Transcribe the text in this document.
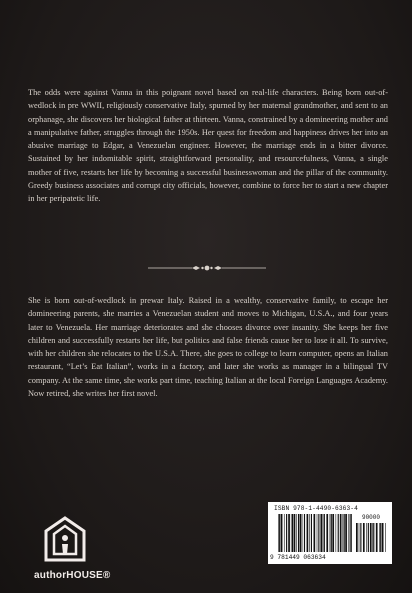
The odds were against Vanna in this poignant novel based on real-life characters. Being born out-of- wedlock in pre WWII, religiously conservative Italy, spurned by her maternal grandmother, and sent to an orphanage, she discovers her biological father at thirteen. Vanna, constrained by a domineering mother and a manipulative father, struggles through the 1950s. Her quest for freedom and happiness drives her into an abusive marriage to Edgar, a Venezuelan engineer. However, the marriage ends in a bitter divorce. Sustained by her indomitable spirit, straightforward personality, and resourcefulness, Vanna, a single mother of five, restarts her life by becoming a successful businesswoman and the pillar of the community. Greedy business associates and corrupt city officials, however, combine to force her to start a new chapter in her peripatetic life.

She is born out-of-wedlock in prewar Italy. Raised in a wealthy, conservative family, to escape her domineering parents, she marries a Venezuelan student and moves to Michigan, U.S.A., and four years later to Venezuela. Her marriage deteriorates and she chooses divorce over insanity. She keeps her five children and successfully restarts her life, but politics and false friends cause her to lose it all. To survive, with her children she relocates to the U.S.A. There, she goes to college to learn computer, opens an Italian restaurant, “Let’s Eat Italian”, works in a factory, and later she works as manager in a bilingual TV company. At the same time, she works part time, teaching Italian at the local Foreign Languages Academy. Now retired, she writes her first novel.

authorHOUSE®
ISBN 978-1-4490-6363-4
90000
9 781449 063634
